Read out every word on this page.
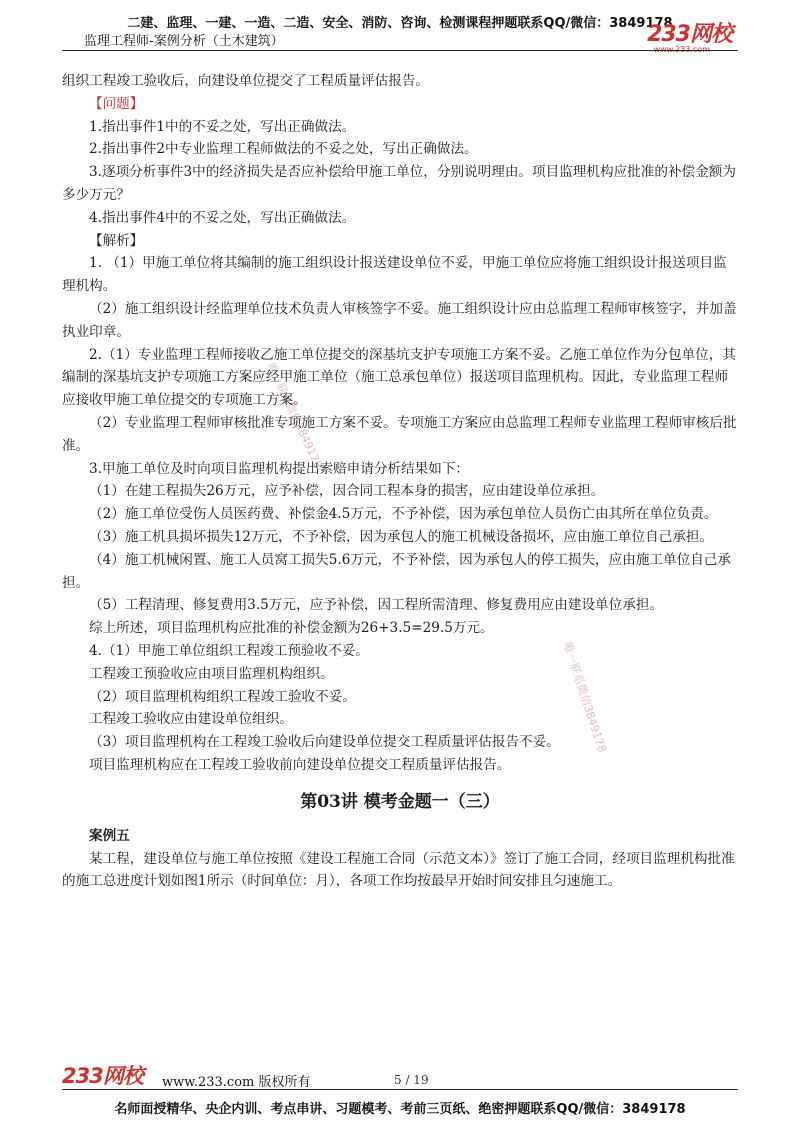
二建、监理、一建、一造、二造、安全、消防、咨询、检测课程押题联系QQ/微信：3849178
监理工程师-案例分析（土木建筑）	233网校
www.233.com
唯一联系微信3849178
唯一联系微信3849178

组织工程竣工验收后，向建设单位提交了工程质量评估报告。

【问题】

1.指出事件1中的不妥之处，写出正确做法。

2.指出事件2中专业监理工程师做法的不妥之处，写出正确做法。

3.逐项分析事件3中的经济损失是否应补偿给甲施工单位，分别说明理由。项目监理机构应批准的补偿金额为多少万元？

4.指出事件4中的不妥之处，写出正确做法。

【解析】

1. （1）甲施工单位将其编制的施工组织设计报送建设单位不妥，甲施工单位应将施工组织设计报送项目监理机构。

（2）施工组织设计经监理单位技术负责人审核签字不妥。施工组织设计应由总监理工程师审核签字，并加盖执业印章。

2.（1）专业监理工程师接收乙施工单位提交的深基坑支护专项施工方案不妥。乙施工单位作为分包单位，其编制的深基坑支护专项施工方案应经甲施工单位（施工总承包单位）报送项目监理机构。因此，专业监理工程师应接收甲施工单位提交的专项施工方案。

（2）专业监理工程师审核批准专项施工方案不妥。专项施工方案应由总监理工程师专业监理工程师审核后批准。

3.甲施工单位及时向项目监理机构提出索赔申请分析结果如下：

（1）在建工程损失26万元，应予补偿，因合同工程本身的损害，应由建设单位承担。

（2）施工单位受伤人员医药费、补偿金4.5万元，不予补偿，因为承包单位人员伤亡由其所在单位负责。

（3）施工机具损坏损失12万元，不予补偿，因为承包人的施工机械设备损坏，应由施工单位自己承担。

（4）施工机械闲置、施工人员窝工损失5.6万元，不予补偿，因为承包人的停工损失，应由施工单位自己承担。

（5）工程清理、修复费用3.5万元，应予补偿，因工程所需清理、修复费用应由建设单位承担。

综上所述，项目监理机构应批准的补偿金额为26+3.5=29.5万元。

4.（1）甲施工单位组织工程竣工预验收不妥。

工程竣工预验收应由项目监理机构组织。

（2）项目监理机构组织工程竣工验收不妥。

工程竣工验收应由建设单位组织。

（3）项目监理机构在工程竣工验收后向建设单位提交工程质量评估报告不妥。

项目监理机构应在工程竣工验收前向建设单位提交工程质量评估报告。

第03讲 模考金题一（三）

案例五

某工程，建设单位与施工单位按照《建设工程施工合同（示范文本）》签订了施工合同，经项目监理机构批准的施工总进度计划如图1所示（时间单位：月），各项工作均按最早开始时间安排且匀速施工。

233网校 www.233.com 版权所有	5 / 19
名师面授精华、央企内训、考点串讲、习题模考、考前三页纸、绝密押题联系QQ/微信：3849178
